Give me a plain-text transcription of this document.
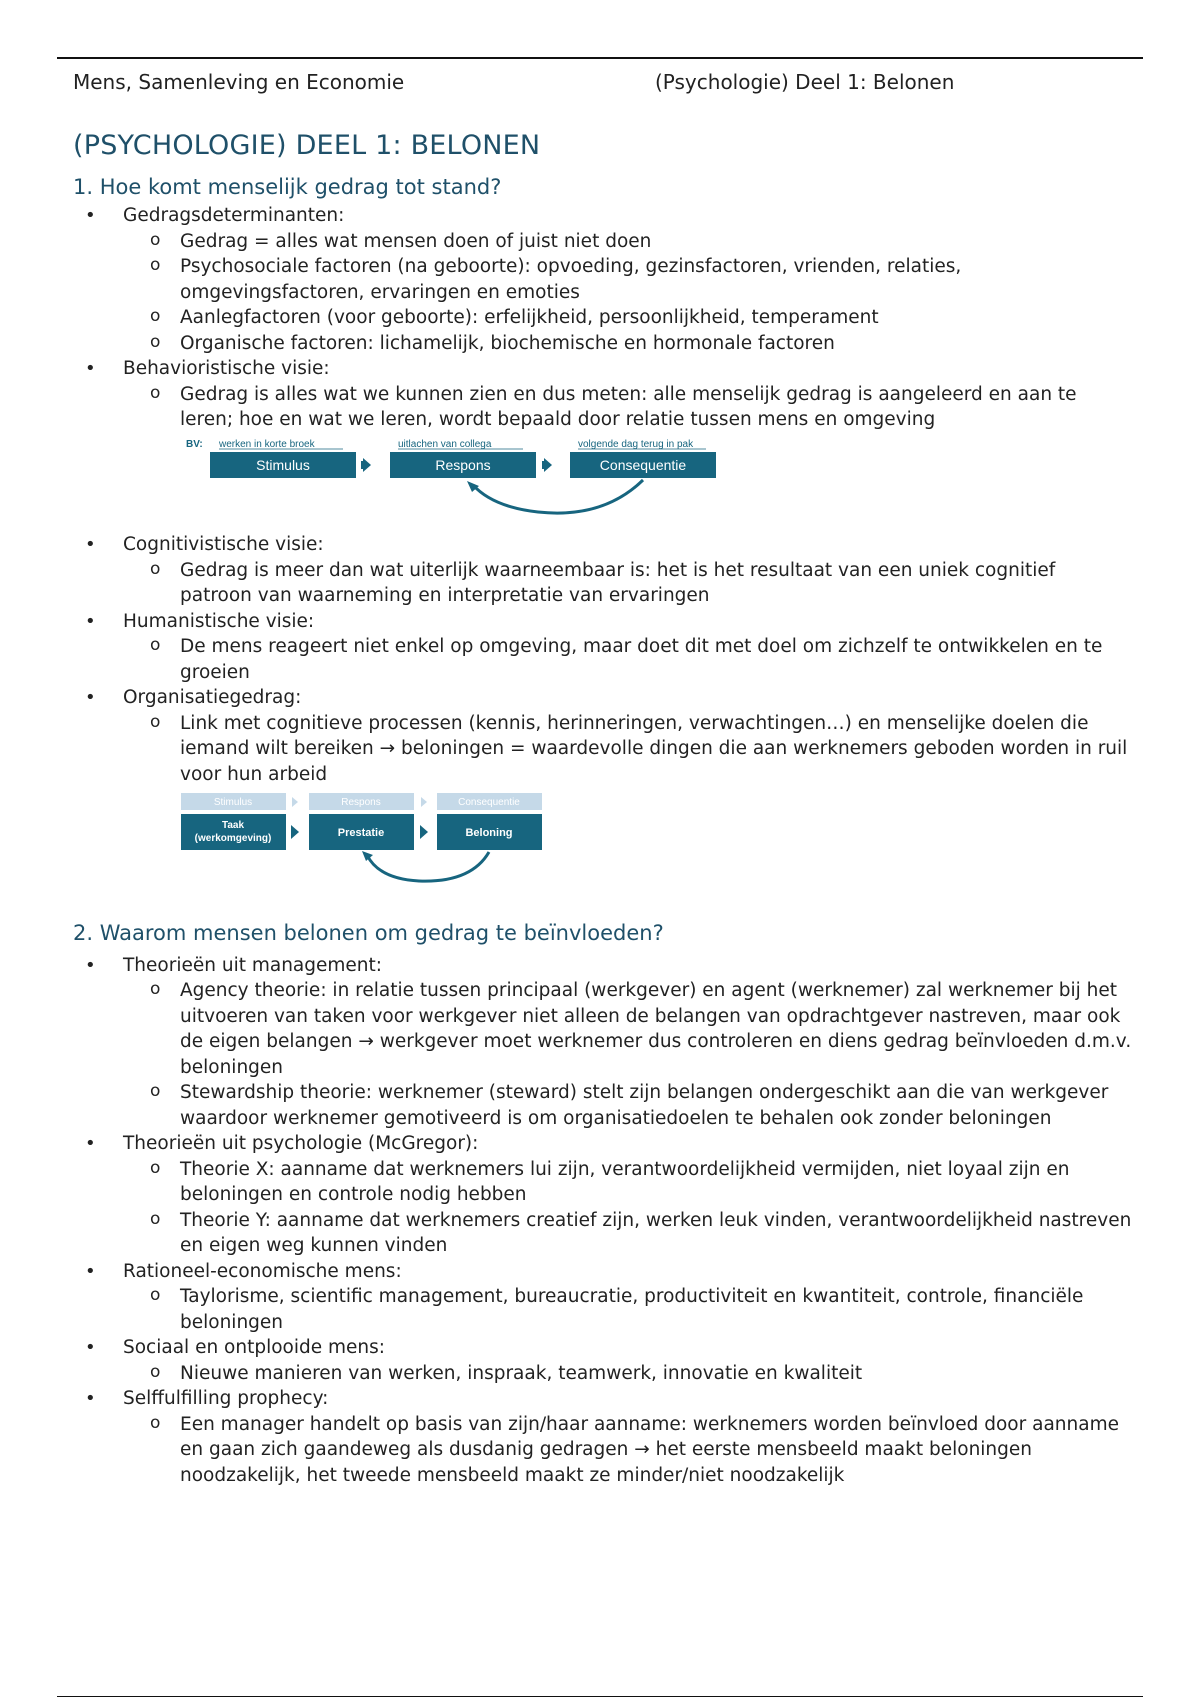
Mens, Samenleving en Economie	(Psychologie) Deel 1: Belonen
(PSYCHOLOGIE) DEEL 1: BELONEN
1. Hoe komt menselijk gedrag tot stand?
• Gedragsdeterminanten:
o Gedrag = alles wat mensen doen of juist niet doen
o Psychosociale factoren (na geboorte): opvoeding, gezinsfactoren, vrienden, relaties, omgevingsfactoren, ervaringen en emoties
o Aanlegfactoren (voor geboorte): erfelijkheid, persoonlijkheid, temperament
o Organische factoren: lichamelijk, biochemische en hormonale factoren
• Behavioristische visie:
o Gedrag is alles wat we kunnen zien en dus meten: alle menselijk gedrag is aangeleerd en aan te leren; hoe en wat we leren, wordt bepaald door relatie tussen mens en omgeving
BV: werken in korte broek	uitlachen van collega	volgende dag terug in pak
Stimulus	Respons	Consequentie
• Cognitivistische visie:
o Gedrag is meer dan wat uiterlijk waarneembaar is: het is het resultaat van een uniek cognitief patroon van waarneming en interpretatie van ervaringen
• Humanistische visie:
o De mens reageert niet enkel op omgeving, maar doet dit met doel om zichzelf te ontwikkelen en te groeien
• Organisatiegedrag:
o Link met cognitieve processen (kennis, herinneringen, verwachtingen…) en menselijke doelen die iemand wilt bereiken → beloningen = waardevolle dingen die aan werknemers geboden worden in ruil voor hun arbeid
Stimulus	Respons	Consequentie
Taak
(werkomgeving)	Prestatie	Beloning
2. Waarom mensen belonen om gedrag te beïnvloeden?
• Theorieën uit management:
o Agency theorie: in relatie tussen principaal (werkgever) en agent (werknemer) zal werknemer bij het uitvoeren van taken voor werkgever niet alleen de belangen van opdrachtgever nastreven, maar ook de eigen belangen → werkgever moet werknemer dus controleren en diens gedrag beïnvloeden d.m.v. beloningen
o Stewardship theorie: werknemer (steward) stelt zijn belangen ondergeschikt aan die van werkgever waardoor werknemer gemotiveerd is om organisatiedoelen te behalen ook zonder beloningen
• Theorieën uit psychologie (McGregor):
o Theorie X: aanname dat werknemers lui zijn, verantwoordelijkheid vermijden, niet loyaal zijn en beloningen en controle nodig hebben
o Theorie Y: aanname dat werknemers creatief zijn, werken leuk vinden, verantwoordelijkheid nastreven en eigen weg kunnen vinden
• Rationeel-economische mens:
o Taylorisme, scientific management, bureaucratie, productiviteit en kwantiteit, controle, financiële beloningen
• Sociaal en ontplooide mens:
o Nieuwe manieren van werken, inspraak, teamwerk, innovatie en kwaliteit
• Selffulfilling prophecy:
o Een manager handelt op basis van zijn/haar aanname: werknemers worden beïnvloed door aanname en gaan zich gaandeweg als dusdanig gedragen → het eerste mensbeeld maakt beloningen noodzakelijk, het tweede mensbeeld maakt ze minder/niet noodzakelijk
